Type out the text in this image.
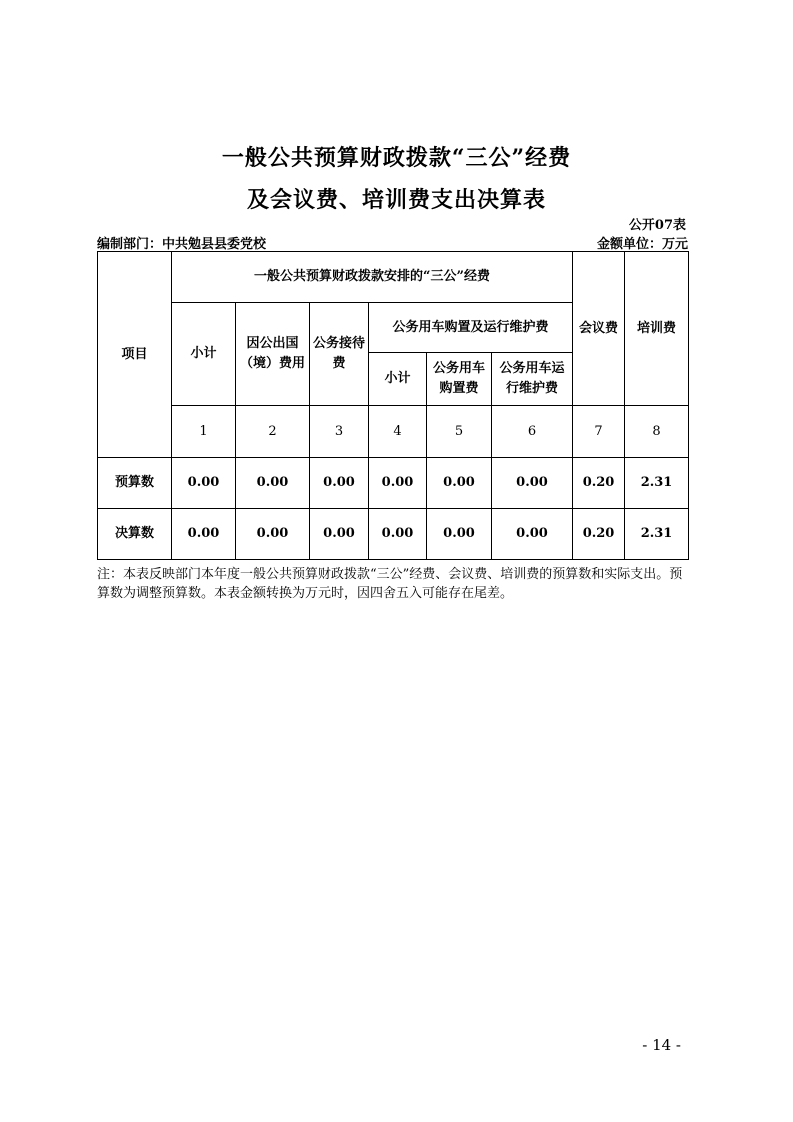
一般公共预算财政拨款“三公”经费
及会议费、培训费支出决算表
公开07表
编制部门：中共勉县县委党校	金额单位：万元
项目	一般公共预算财政拨款安排的“三公”经费						会议费	培训费
	小计	因公出国（境）费用	公务接待费	公务用车购置及运行维护费				
				小计	公务用车购置费	公务用车运行维护费		
	1	2	3	4	5	6	7	8
预算数	0.00	0.00	0.00	0.00	0.00	0.00	0.20	2.31
决算数	0.00	0.00	0.00	0.00	0.00	0.00	0.20	2.31
注：本表反映部门本年度一般公共预算财政拨款“三公”经费、会议费、培训费的预算数和实际支出。预算数为调整预算数。本表金额转换为万元时，因四舍五入可能存在尾差。
- 14 -
